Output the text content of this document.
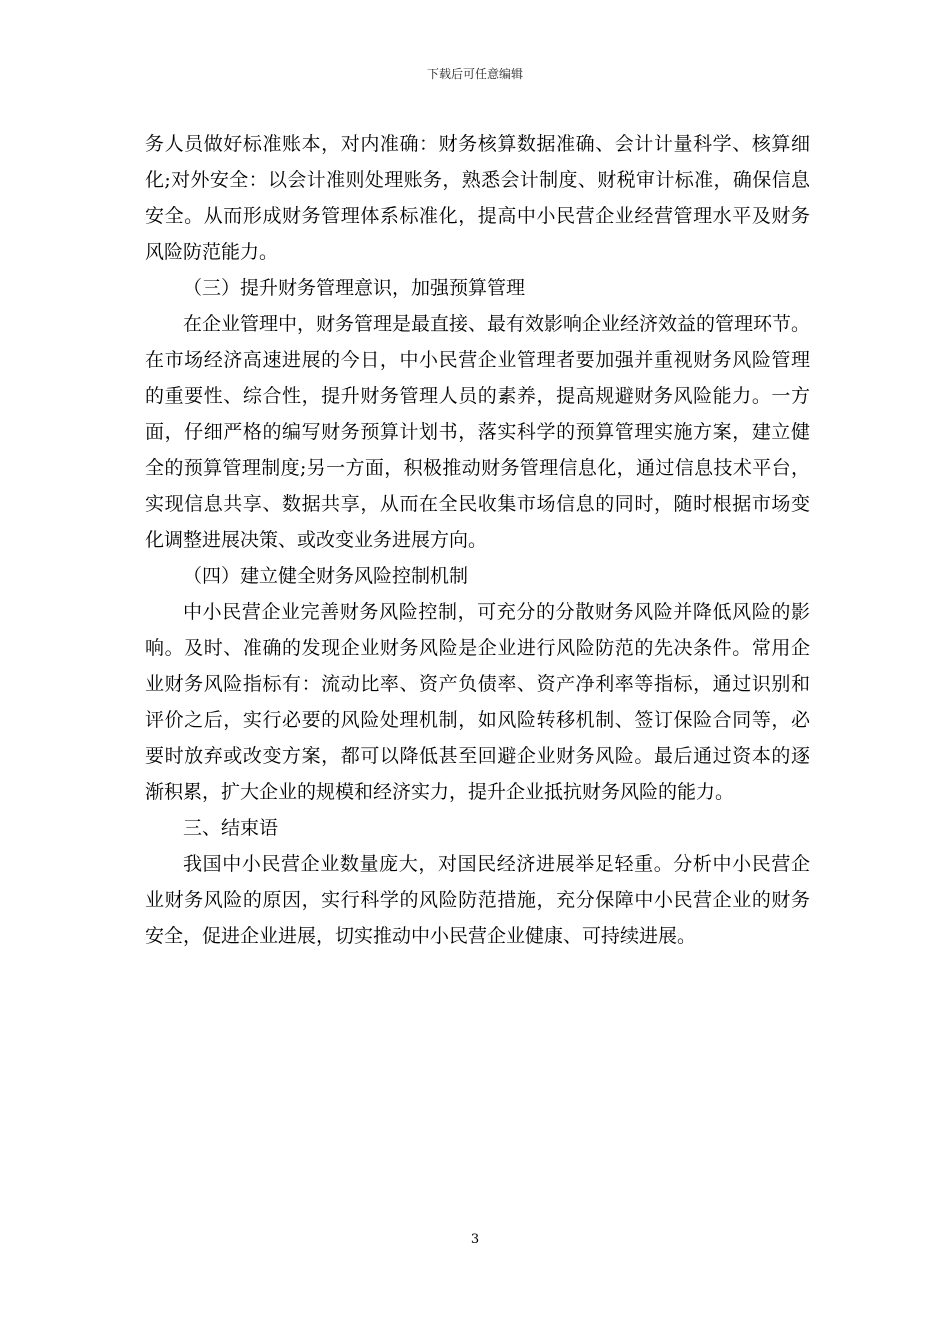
下载后可任意编辑
务人员做好标准账本，对内准确：财务核算数据准确、会计计量科学、核算细
化;对外安全：以会计准则处理账务，熟悉会计制度、财税审计标准，确保信息
安全。从而形成财务管理体系标准化，提高中小民营企业经营管理水平及财务
风险防范能力。
（三）提升财务管理意识，加强预算管理
在企业管理中，财务管理是最直接、最有效影响企业经济效益的管理环节。
在市场经济高速进展的今日，中小民营企业管理者要加强并重视财务风险管理
的重要性、综合性，提升财务管理人员的素养，提高规避财务风险能力。一方
面，仔细严格的编写财务预算计划书，落实科学的预算管理实施方案，建立健
全的预算管理制度;另一方面，积极推动财务管理信息化，通过信息技术平台，
实现信息共享、数据共享，从而在全民收集市场信息的同时，随时根据市场变
化调整进展决策、或改变业务进展方向。
（四）建立健全财务风险控制机制
中小民营企业完善财务风险控制，可充分的分散财务风险并降低风险的影
响。及时、准确的发现企业财务风险是企业进行风险防范的先决条件。常用企
业财务风险指标有：流动比率、资产负债率、资产净利率等指标，通过识别和
评价之后，实行必要的风险处理机制，如风险转移机制、签订保险合同等，必
要时放弃或改变方案，都可以降低甚至回避企业财务风险。最后通过资本的逐
渐积累，扩大企业的规模和经济实力，提升企业抵抗财务风险的能力。
三、结束语
我国中小民营企业数量庞大，对国民经济进展举足轻重。分析中小民营企
业财务风险的原因，实行科学的风险防范措施，充分保障中小民营企业的财务
安全，促进企业进展，切实推动中小民营企业健康、可持续进展。
3
